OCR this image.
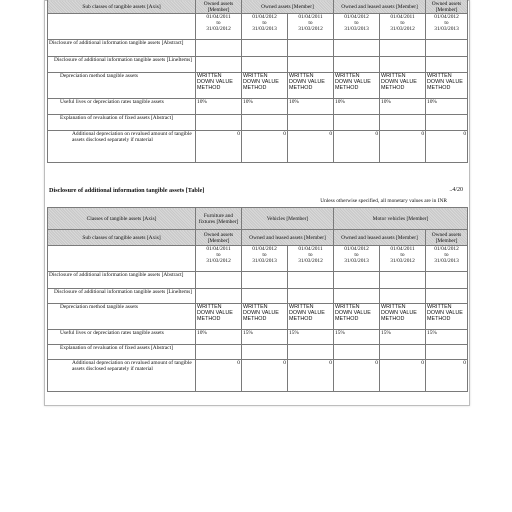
Sub classes of tangible assets [Axis]	Owned assets [Member]	Owned assets [Member]		Owned and leased assets [Member]		Owned assets [Member]
	01/04/2011
to
31/03/2012	01/04/2012
to
31/03/2013	01/04/2011
to
31/03/2012	01/04/2012
to
31/03/2013	01/04/2011
to
31/03/2012	01/04/2012
to
31/03/2013
Disclosure of additional information tangible assets [Abstract]						
Disclosure of additional information tangible assets [LineItems]						
Depreciation method tangible assets	WRITTEN DOWN VALUE METHOD	WRITTEN DOWN VALUE METHOD	WRITTEN DOWN VALUE METHOD	WRITTEN DOWN VALUE METHOD	WRITTEN DOWN VALUE METHOD	WRITTEN DOWN VALUE METHOD
Useful lives or depreciation rates tangible assets	10%	10%	10%	10%	10%	10%
Explanation of revaluation of fixed assets [Abstract]						
Additional depreciation on revalued amount of tangible assets disclosed separately if material	0	0	0	0	0	0
Disclosure of additional information tangible assets [Table]	..4/20
Unless otherwise specified, all monetary values are in INR
Classes of tangible assets [Axis]	Furniture and fixtures [Member]	Vehicles [Member]		Motor vehicles [Member]		
Sub classes of tangible assets [Axis]	Owned assets [Member]	Owned and leased assets [Member]		Owned and leased assets [Member]		Owned assets [Member]
	01/04/2011
to
31/03/2012	01/04/2012
to
31/03/2013	01/04/2011
to
31/03/2012	01/04/2012
to
31/03/2013	01/04/2011
to
31/03/2012	01/04/2012
to
31/03/2013
Disclosure of additional information tangible assets [Abstract]						
Disclosure of additional information tangible assets [LineItems]						
Depreciation method tangible assets	WRITTEN DOWN VALUE METHOD	WRITTEN DOWN VALUE METHOD	WRITTEN DOWN VALUE METHOD	WRITTEN DOWN VALUE METHOD	WRITTEN DOWN VALUE METHOD	WRITTEN DOWN VALUE METHOD
Useful lives or depreciation rates tangible assets	10%	15%	15%	15%	15%	15%
Explanation of revaluation of fixed assets [Abstract]						
Additional depreciation on revalued amount of tangible assets disclosed separately if material	0	0	0	0	0	0
